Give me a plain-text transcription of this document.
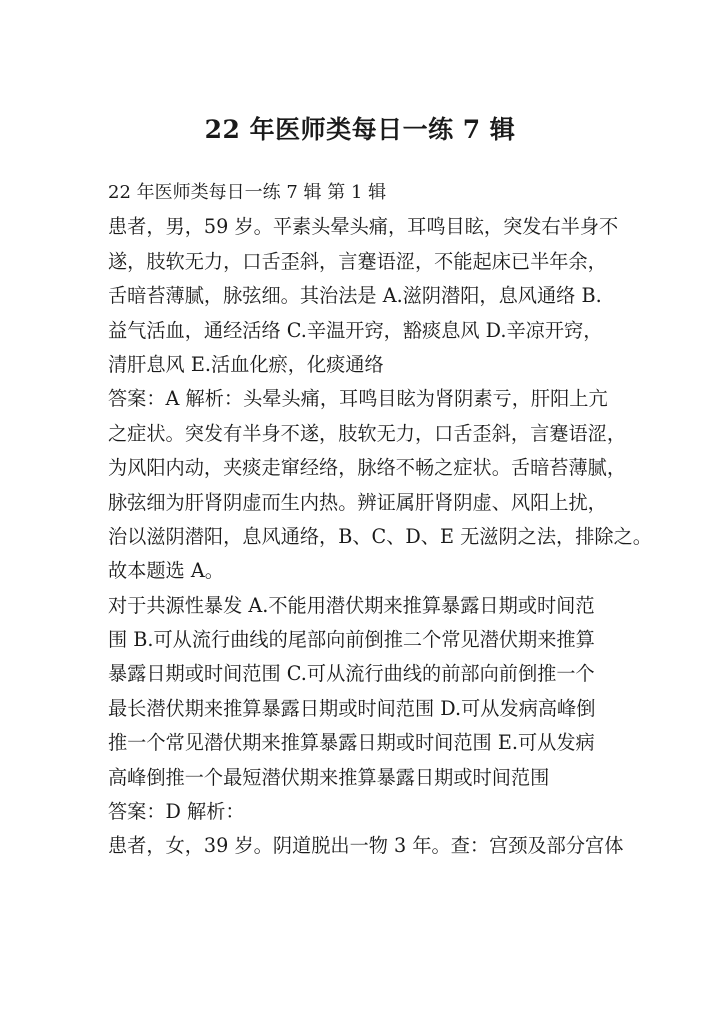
22 年医师类每日一练 7 辑
22 年医师类每日一练 7 辑 第 1 辑
患者，男，59 岁。平素头晕头痛，耳鸣目眩，突发右半身不
遂，肢软无力，口舌歪斜，言蹇语涩，不能起床已半年余，
舌暗苔薄腻，脉弦细。其治法是 A.滋阴潜阳，息风通络 B.
益气活血，通经活络 C.辛温开窍，豁痰息风 D.辛凉开窍，
清肝息风 E.活血化瘀，化痰通络
答案：A 解析：头晕头痛，耳鸣目眩为肾阴素亏，肝阳上亢
之症状。突发有半身不遂，肢软无力，口舌歪斜，言蹇语涩，
为风阳内动，夹痰走窜经络，脉络不畅之症状。舌暗苔薄腻，
脉弦细为肝肾阴虚而生内热。辨证属肝肾阴虚、风阳上扰，
治以滋阴潜阳，息风通络，B、C、D、E 无滋阴之法，排除之。
故本题选 A。
对于共源性暴发 A.不能用潜伏期来推算暴露日期或时间范
围 B.可从流行曲线的尾部向前倒推二个常见潜伏期来推算
暴露日期或时间范围 C.可从流行曲线的前部向前倒推一个
最长潜伏期来推算暴露日期或时间范围 D.可从发病高峰倒
推一个常见潜伏期来推算暴露日期或时间范围 E.可从发病
高峰倒推一个最短潜伏期来推算暴露日期或时间范围
答案：D 解析：
患者，女，39 岁。阴道脱出一物 3 年。查：宫颈及部分宫体
